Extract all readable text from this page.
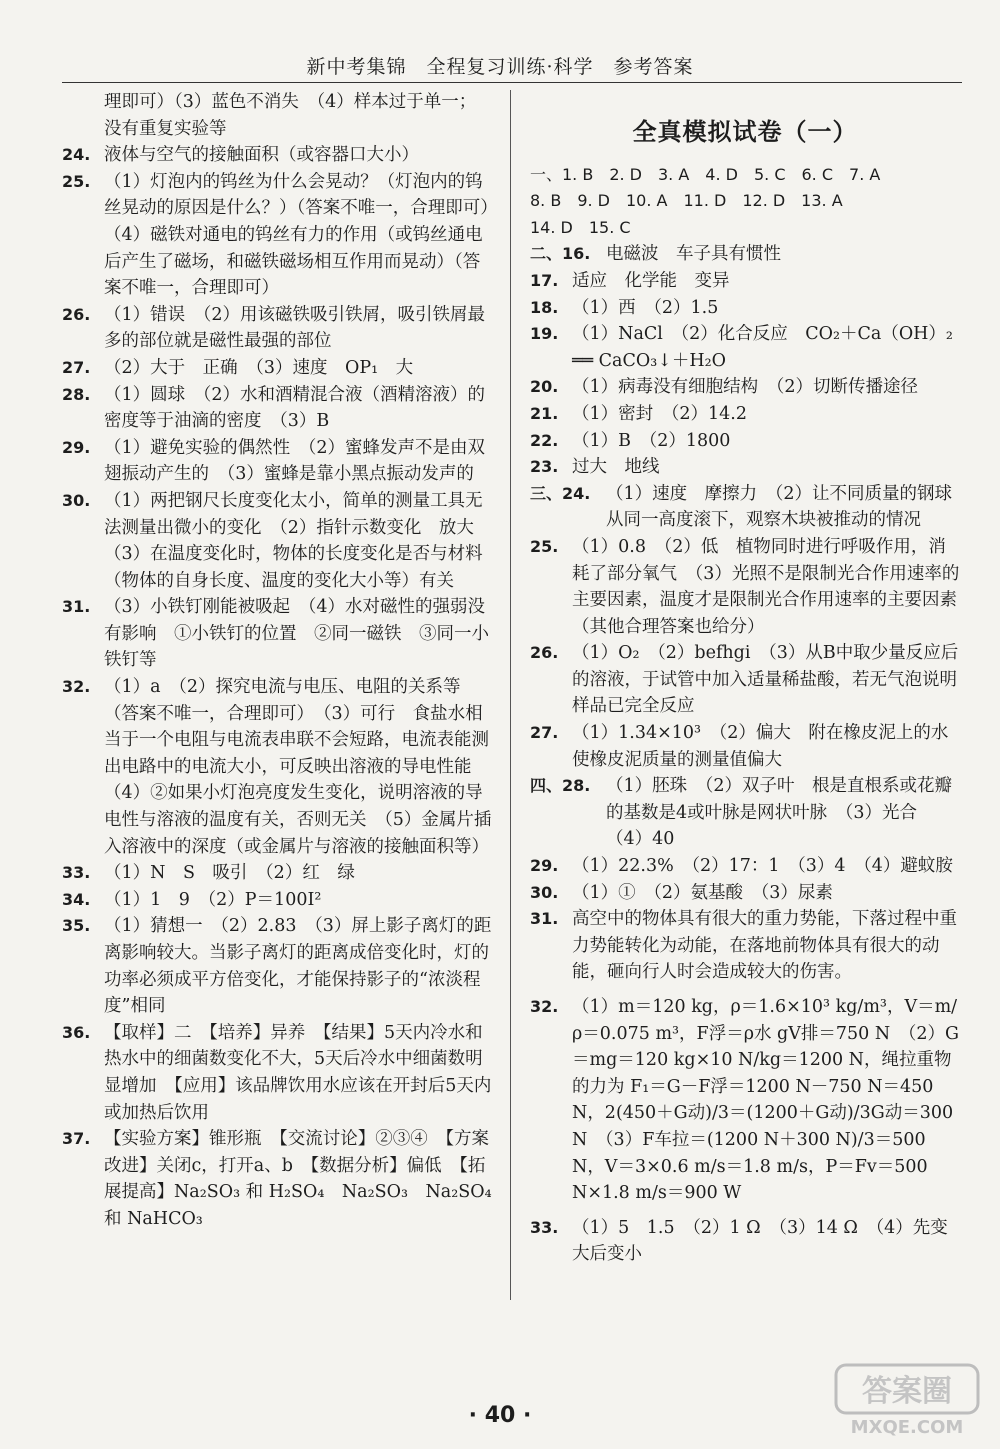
新中考集锦　全程复习训练·科学　参考答案
理即可）（3）蓝色不消失　（4）样本过于单一；没有重复实验等
24. 液体与空气的接触面积（或容器口大小）
25. （1）灯泡内的钨丝为什么会晃动？（灯泡内的钨丝晃动的原因是什么？）（答案不唯一，合理即可）（4）磁铁对通电的钨丝有力的作用（或钨丝通电后产生了磁场，和磁铁磁场相互作用而晃动）（答案不唯一，合理即可）
26. （1）错误　（2）用该磁铁吸引铁屑，吸引铁屑最多的部位就是磁性最强的部位
27. （2）大于　正确　（3）速度　OP₁　大
28. （1）圆球　（2）水和酒精混合液（酒精溶液）的密度等于油滴的密度　（3）B
29. （1）避免实验的偶然性　（2）蜜蜂发声不是由双翅振动产生的　（3）蜜蜂是靠小黑点振动发声的
30. （1）两把钢尺长度变化太小，简单的测量工具无法测量出微小的变化　（2）指针示数变化　放大（3）在温度变化时，物体的长度变化是否与材料（物体的自身长度、温度的变化大小等）有关
31. （3）小铁钉刚能被吸起　（4）水对磁性的强弱没有影响　①小铁钉的位置　②同一磁铁　③同一小铁钉等
32. （1）a　（2）探究电流与电压、电阻的关系等（答案不唯一，合理即可）　（3）可行　食盐水相当于一个电阻与电流表串联不会短路，电流表能测出电路中的电流大小，可反映出溶液的导电性能　（4）②如果小灯泡亮度发生变化，说明溶液的导电性与溶液的温度有关，否则无关　（5）金属片插入溶液中的深度（或金属片与溶液的接触面积等）
33. （1）N　S　吸引　（2）红　绿
34. （1）1　9　（2）P＝100I²
35. （1）猜想一　（2）2.83　（3）屏上影子离灯的距离影响较大。当影子离灯的距离成倍变化时，灯的功率必须成平方倍变化，才能保持影子的“浓淡程度”相同
36. 【取样】二　【培养】异养　【结果】5天内冷水和热水中的细菌数变化不大，5天后冷水中细菌数明显增加　【应用】该品牌饮用水应该在开封后5天内或加热后饮用
37. 【实验方案】锥形瓶　【交流讨论】②③④　【方案改进】关闭c，打开a、b　【数据分析】偏低　【拓展提高】Na₂SO₃ 和 H₂SO₄　Na₂SO₃　Na₂SO₄ 和 NaHCO₃
全真模拟试卷（一）
一、1. B　2. D　3. A　4. D　5. C　6. C　7. A
8. B　9. D　10. A　11. D　12. D　13. A
14. D　15. C
二、16. 电磁波　车子具有惯性
17. 适应　化学能　变异
18. （1）西　（2）1.5
19. （1）NaCl　（2）化合反应　CO₂＋Ca（OH）₂ ══ CaCO₃↓＋H₂O
20. （1）病毒没有细胞结构　（2）切断传播途径
21. （1）密封　（2）14.2
22. （1）B　（2）1800
23. 过大　地线
三、24. （1）速度　摩擦力　（2）让不同质量的钢球从同一高度滚下，观察木块被推动的情况
25. （1）0.8　（2）低　植物同时进行呼吸作用，消耗了部分氧气　（3）光照不是限制光合作用速率的主要因素，温度才是限制光合作用速率的主要因素（其他合理答案也给分）
26. （1）O₂　（2）befhgi　（3）从B中取少量反应后的溶液，于试管中加入适量稀盐酸，若无气泡说明样品已完全反应
27. （1）1.34×10³　（2）偏大　附在橡皮泥上的水使橡皮泥质量的测量值偏大
四、28. （1）胚珠　（2）双子叶　根是直根系或花瓣的基数是4或叶脉是网状叶脉　（3）光合　（4）40
29. （1）22.3%　（2）17：1　（3）4　（4）避蚊胺
30. （1）①　（2）氨基酸　（3）尿素
31. 高空中的物体具有很大的重力势能，下落过程中重力势能转化为动能，在落地前物体具有很大的动能，砸向行人时会造成较大的伤害。
32. （1）m＝120 kg，ρ＝1.6×10³ kg/m³，V＝m/ρ＝0.075 m³，F浮＝ρ水 gV排＝750 N　（2）G＝mg＝120 kg×10 N/kg＝1200 N，绳拉重物的力为 F₁＝G－F浮＝1200 N－750 N＝450 N，2(450＋G动)/3＝(1200＋G动)/3G动＝300 N　（3）F车拉＝(1200 N＋300 N)/3＝500 N，V＝3×0.6 m/s＝1.8 m/s，P＝Fv＝500 N×1.8 m/s＝900 W
33. （1）5　1.5　（2）1 Ω　（3）14 Ω　（4）先变大后变小
· 40 ·
答案圈
MXQE.COM
